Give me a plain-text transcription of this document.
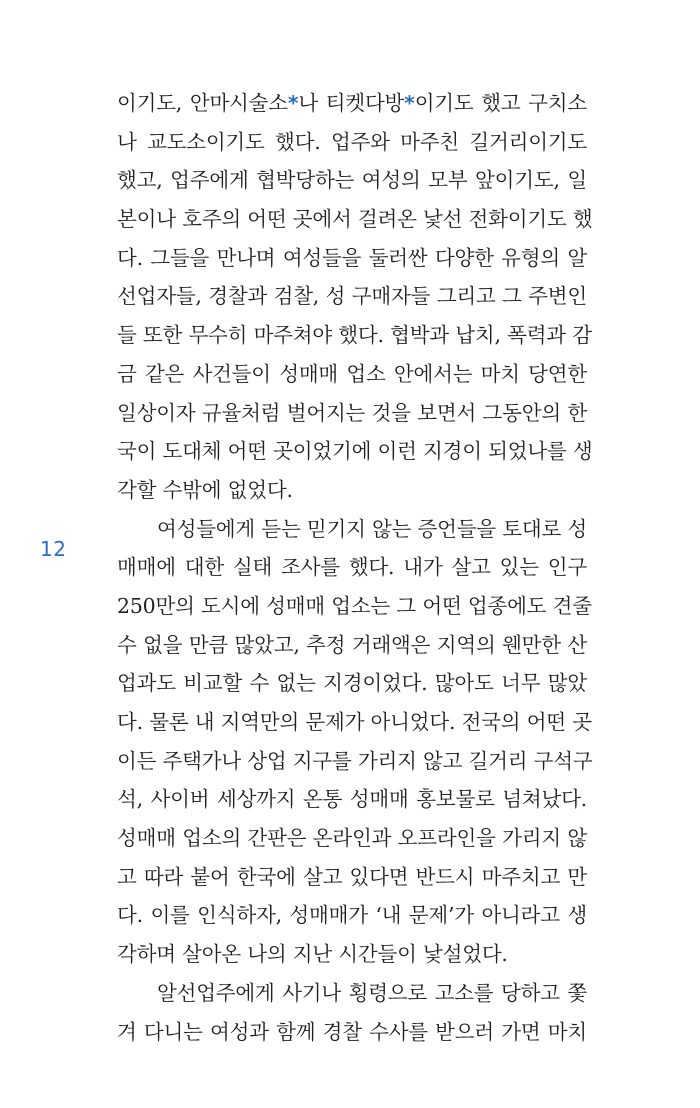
12
이기도, 안마시술소*나 티켓다방*이기도 했고 구치소
나 교도소이기도 했다. 업주와 마주친 길거리이기도
했고, 업주에게 협박당하는 여성의 모부 앞이기도, 일
본이나 호주의 어떤 곳에서 걸려온 낯선 전화이기도 했
다. 그들을 만나며 여성들을 둘러싼 다양한 유형의 알
선업자들, 경찰과 검찰, 성 구매자들 그리고 그 주변인
들 또한 무수히 마주쳐야 했다. 협박과 납치, 폭력과 감
금 같은 사건들이 성매매 업소 안에서는 마치 당연한
일상이자 규율처럼 벌어지는 것을 보면서 그동안의 한
국이 도대체 어떤 곳이었기에 이런 지경이 되었나를 생
각할 수밖에 없었다.
여성들에게 듣는 믿기지 않는 증언들을 토대로 성
매매에 대한 실태 조사를 했다. 내가 살고 있는 인구
250만의 도시에 성매매 업소는 그 어떤 업종에도 견줄
수 없을 만큼 많았고, 추정 거래액은 지역의 웬만한 산
업과도 비교할 수 없는 지경이었다. 많아도 너무 많았
다. 물론 내 지역만의 문제가 아니었다. 전국의 어떤 곳
이든 주택가나 상업 지구를 가리지 않고 길거리 구석구
석, 사이버 세상까지 온통 성매매 홍보물로 넘쳐났다.
성매매 업소의 간판은 온라인과 오프라인을 가리지 않
고 따라 붙어 한국에 살고 있다면 반드시 마주치고 만
다. 이를 인식하자, 성매매가 ‘내 문제’가 아니라고 생
각하며 살아온 나의 지난 시간들이 낯설었다.
알선업주에게 사기나 횡령으로 고소를 당하고 쫓
겨 다니는 여성과 함께 경찰 수사를 받으러 가면 마치
